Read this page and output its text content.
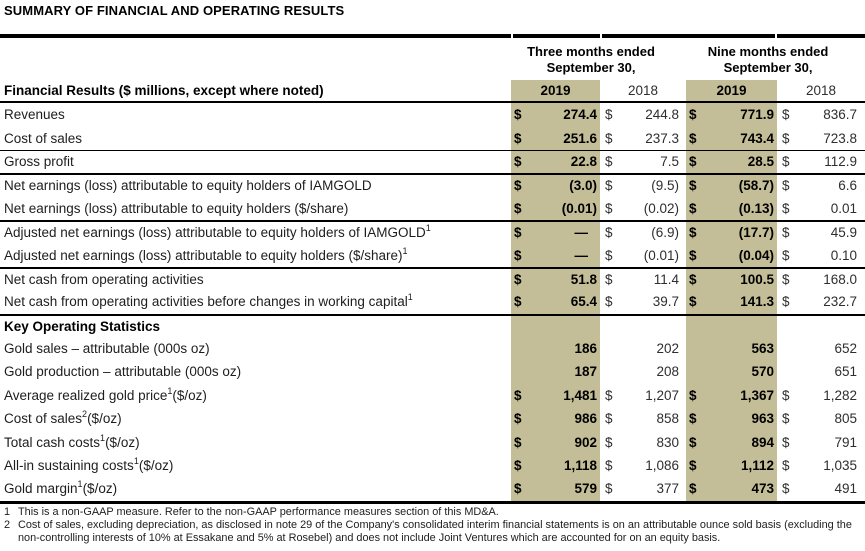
SUMMARY OF FINANCIAL AND OPERATING RESULTS
Three months ended September 30,
Nine months ended September 30,
Financial Results ($ millions, except where noted)	2019	2018	2019	2018
Revenues	$	274.4 $ 244.8 $	771.9 $ 836.7
Cost of sales	$	251.6 $ 237.3 $	743.4 $ 723.8
Gross profit	$	22.8 $	7.5 $	28.5 $	112.9
Net earnings (loss) attributable to equity holders of IAMGOLD	$	(3.0) $	(9.5) $	(58.7) $	6.6
Net earnings (loss) attributable to equity holders ($/share)	$	(0.01) $ (0.02) $	(0.13) $	0.01
Adjusted net earnings (loss) attributable to equity holders of IAMGOLD$^1$	$	— $	(6.9) $	(17.7) $	45.9
Adjusted net earnings (loss) attributable to equity holders ($/share)$^1$	$	— $ (0.01) $	(0.04) $	0.10
Net cash from operating activities	$	51.8 $	11.4 $	100.5 $ 168.0
Net cash from operating activities before changes in working capital$^1$	$	65.4 $	39.7 $	141.3 $ 232.7
Key Operating Statistics
Gold sales – attributable (000s oz)	186	202	563	652
Gold production – attributable (000s oz)	187	208	570	651
Average realized gold price$^1$ ($/oz)	$	1,481 $ 1,207 $	1,367 $ 1,282
Cost of sales$^2$ ($/oz)	$	986 $	858 $	963 $	805
Total cash costs$^1$ ($/oz)	$	902 $	830 $	894 $	791
All-in sustaining costs$^1$ ($/oz)	$	1,118 $ 1,086 $	1,112 $ 1,035
Gold margin$^1$ ($/oz)	$	579 $	377 $	473 $	491
1 This is a non-GAAP measure. Refer to the non-GAAP performance measures section of this MD&A.
2 Cost of sales, excluding depreciation, as disclosed in note 29 of the Company's consolidated interim financial statements is on an attributable ounce sold basis (excluding the non-controlling interests of 10% at Essakane and 5% at Rosebel) and does not include Joint Ventures which are accounted for on an equity basis.
